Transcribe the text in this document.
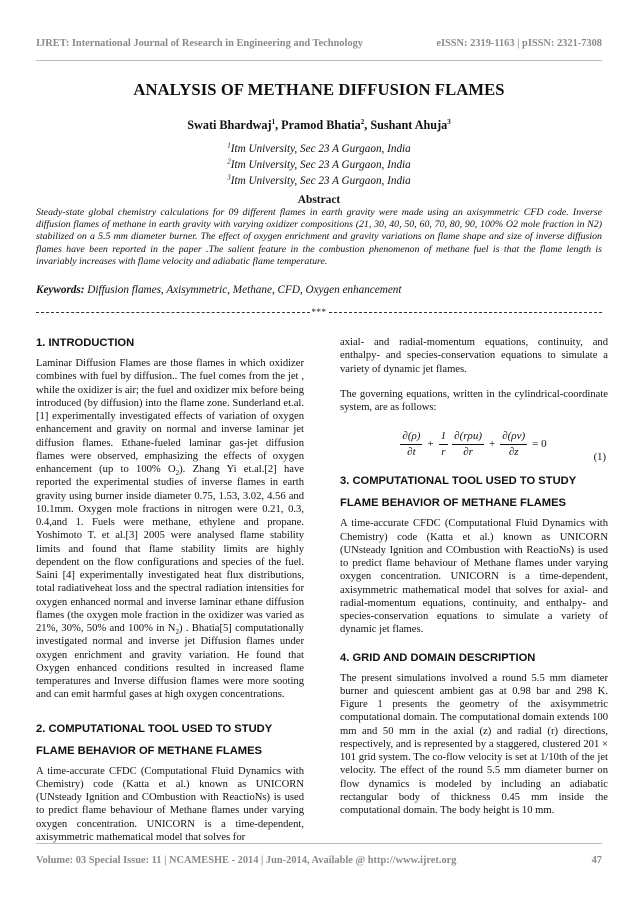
IJRET: International Journal of Research in Engineering and Technology	eISSN: 2319-1163 | pISSN: 2321-7308
ANALYSIS OF METHANE DIFFUSION FLAMES
Swati Bhardwaj$^1$, Pramod Bhatia$^2$, Sushant Ahuja$^3$
$^1$Itm University, Sec 23 A Gurgaon, India
$^2$Itm University, Sec 23 A Gurgaon, India
$^3$Itm University, Sec 23 A Gurgaon, India
Abstract
Steady-state global chemistry calculations for 09 different flames in earth gravity were made using an axisymmetric CFD code. Inverse diffusion flames of methane in earth gravity with varying oxidizer compositions (21, 30, 40, 50, 60, 70, 80, 90, 100% O2 mole fraction in N2) stabilized on a 5.5 mm diameter burner. The effect of oxygen enrichment and gravity variations on flame shape and size of inverse diffusion flames have been reported in the paper .The salient feature in the combustion phenomenon of methane fuel is that the flame length is invariably increases with flame velocity and adiabatic flame temperature.
Keywords: Diffusion flames, Axisymmetric, Methane, CFD, Oxygen enhancement
***
1. INTRODUCTION

Laminar Diffusion Flames are those flames in which oxidizer combines with fuel by diffusion.. The fuel comes from the jet , while the oxidizer is air; the fuel and oxidizer mix before being introduced (by diffusion) into the flame zone. Sunderland et.al.[1] experimentally investigated effects of variation of oxygen enhancement and gravity on normal and inverse laminar jet diffusion flames. Ethane-fueled laminar gas-jet diffusion flames were observed, emphasizing the effects of oxygen enhancement (up to 100% $O_2$). Zhang Yi et.al.[2] have reported the experimental studies of inverse flames in earth gravity using burner inside diameter 0.75, 1.53, 3.02, 4.56 and 10.1mm. Oxygen mole fractions in nitrogen were 0.21, 0.3, 0.4,and 1. Fuels were methane, ethylene and propane. Yoshimoto T. et al.[3] 2005 were analysed flame stability limits and found that flame stability limits are highly dependent on the flow configurations and species of the fuel. Saini [4] experimentally investigated heat flux distributions, total radiativeheat loss and the spectral radiation intensities for oxygen enhanced normal and inverse laminar ethane diffusion flames (the oxygen mole fraction in the oxidizer was varied as 21%, 30%, 50% and 100% in $N_2$) . Bhatia[5] computationally investigated normal and inverse jet Diffusion flames under oxygen enrichment and gravity variation. He found that Oxygen enhanced conditions resulted in increased flame temperatures and Inverse diffusion flames were more sooting and can emit harmful gases at high oxygen concentrations.

2. COMPUTATIONAL TOOL USED TO STUDY
FLAME BEHAVIOR OF METHANE FLAMES

A time-accurate CFDC (Computational Fluid Dynamics with Chemistry) code (Katta et al.) known as UNICORN (UNsteady Ignition and COmbustion with ReactioNs) is used to predict flame behaviour of Methane flames under varying oxygen concentration. UNICORN is a time-dependent, axisymmetric mathematical model that solves for

axial- and radial-momentum equations, continuity, and enthalpy- and species-conservation equations to simulate a variety of dynamic jet flames.

The governing equations, written in the cylindrical-coordinate system, are as follows:

$\frac{\partial(\rho)}{\partial t} + \frac{1}{r} \frac{\text{∂(rρu)}}{\partial r} + \frac{\partial(\rho v)}{\partial z} = 0$
(1)
3. COMPUTATIONAL TOOL USED TO STUDY
FLAME BEHAVIOR OF METHANE FLAMES

A time-accurate CFDC (Computational Fluid Dynamics with Chemistry) code (Katta et al.) known as UNICORN (UNsteady Ignition and COmbustion with ReactioNs) is used to predict flame behaviour of Methane flames under varying oxygen concentration. UNICORN is a time-dependent, axisymmetric mathematical model that solves for axial- and radial-momentum equations, continuity, and enthalpy- and species-conservation equations to simulate a variety of dynamic jet flames.

4. GRID AND DOMAIN DESCRIPTION

The present simulations involved a round 5.5 mm diameter burner and quiescent ambient gas at 0.98 bar and 298 K. Figure 1 presents the geometry of the axisymmetric computational domain. The computational domain extends 100 mm and 50 mm in the axial (z) and radial (r) directions, respectively, and is represented by a staggered, clustered 201 × 101 grid system. The co-flow velocity is set at 1/10th of the jet velocity. The effect of the round 5.5 mm diameter burner on flow dynamics is modeled by including an adiabatic rectangular body of thickness 0.45 mm inside the computational domain. The body height is 10 mm.

Volume: 03 Special Issue: 11 | NCAMESHE - 2014 | Jun-2014, Available @ http://www.ijret.org	47
